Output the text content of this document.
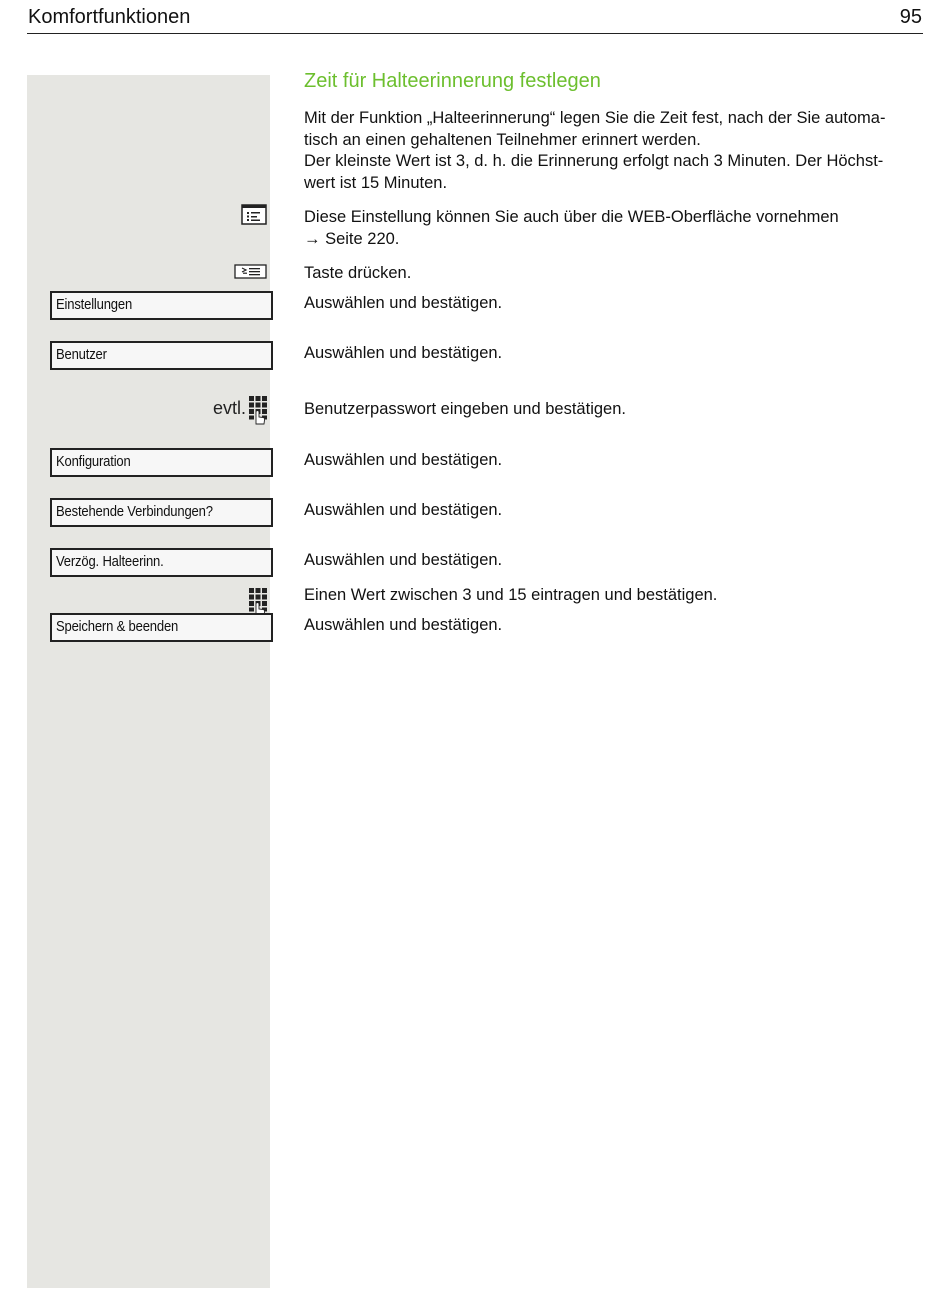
Komfortfunktionen	95
Zeit für Halteerinnerung festlegen
Mit der Funktion „Halteerinnerung“ legen Sie die Zeit fest, nach der Sie automa-
tisch an einen gehaltenen Teilnehmer erinnert werden.
Der kleinste Wert ist 3, d. h. die Erinnerung erfolgt nach 3 Minuten. Der Höchst-
wert ist 15 Minuten.
Diese Einstellung können Sie auch über die WEB-Oberfläche vornehmen
→ Seite 220.
Taste drücken.
Einstellungen	Auswählen und bestätigen.
Benutzer	Auswählen und bestätigen.
evtl.	Benutzerpasswort eingeben und bestätigen.
Konfiguration	Auswählen und bestätigen.
Bestehende Verbindungen?	Auswählen und bestätigen.
Verzög. Halteerinn.	Auswählen und bestätigen.
Einen Wert zwischen 3 und 15 eintragen und bestätigen.
Speichern & beenden	Auswählen und bestätigen.
